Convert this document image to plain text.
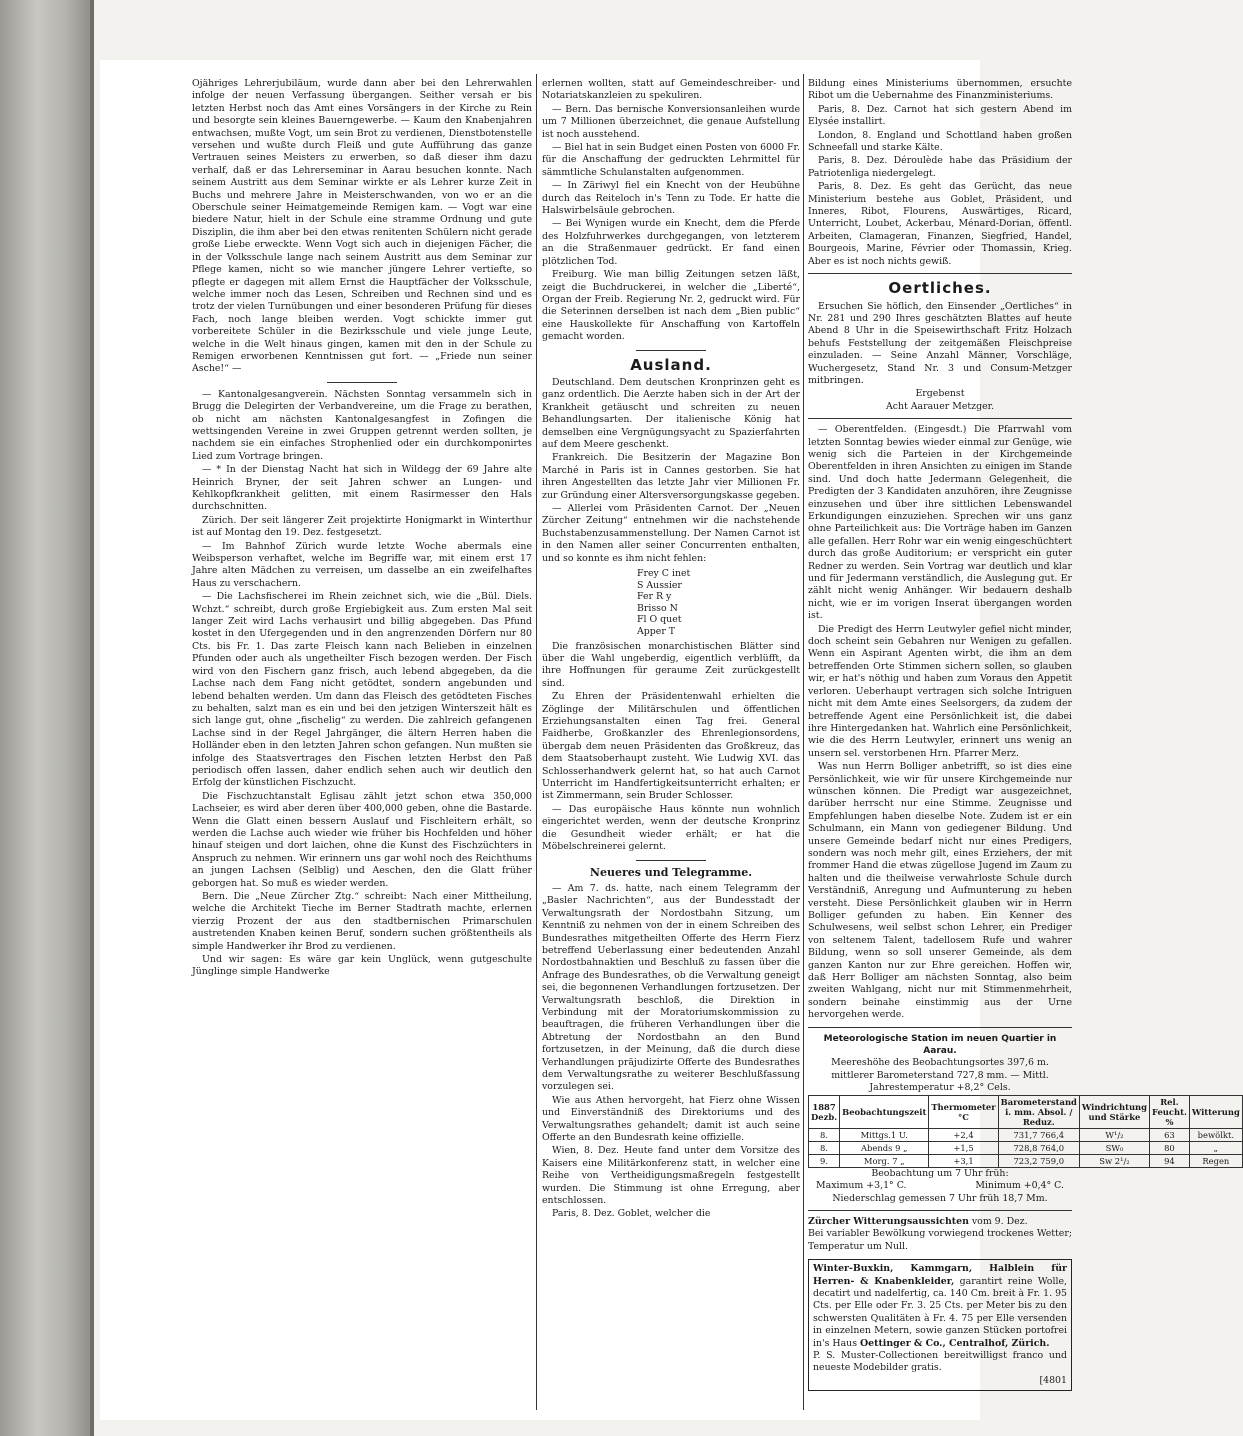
Ojähriges Lehrerjubiläum, wurde dann aber bei den Lehrerwahlen infolge der neuen Verfassung übergangen. Seither versah er bis letzten Herbst noch das Amt eines Vorsängers in der Kirche zu Rein und besorgte sein kleines Bauerngewerbe. — Kaum den Knabenjahren entwachsen, mußte Vogt, um sein Brot zu verdienen, Dienstbotenstelle versehen und wußte durch Fleiß und gute Aufführung das ganze Vertrauen seines Meisters zu erwerben, so daß dieser ihm dazu verhalf, daß er das Lehrerseminar in Aarau besuchen konnte. Nach seinem Austritt aus dem Seminar wirkte er als Lehrer kurze Zeit in Buchs und mehrere Jahre in Meisterschwanden, von wo er an die Oberschule seiner Heimatgemeinde Remigen kam. — Vogt war eine biedere Natur, hielt in der Schule eine stramme Ordnung und gute Disziplin, die ihm aber bei den etwas renitenten Schülern nicht gerade große Liebe erweckte. Wenn Vogt sich auch in diejenigen Fächer, die in der Volksschule lange nach seinem Austritt aus dem Seminar zur Pflege kamen, nicht so wie mancher jüngere Lehrer vertiefte, so pflegte er dagegen mit allem Ernst die Hauptfächer der Volksschule, welche immer noch das Lesen, Schreiben und Rechnen sind und es trotz der vielen Turnübungen und einer besonderen Prüfung für dieses Fach, noch lange bleiben werden. Vogt schickte immer gut vorbereitete Schüler in die Bezirksschule und viele junge Leute, welche in die Welt hinaus gingen, kamen mit den in der Schule zu Remigen erworbenen Kenntnissen gut fort. — „Friede nun seiner Asche!“ —

— Kantonalgesangverein. Nächsten Sonntag versammeln sich in Brugg die Delegirten der Verbandvereine, um die Frage zu berathen, ob nicht am nächsten Kantonalgesangfest in Zofingen die wettsingenden Vereine in zwei Gruppen getrennt werden sollten, je nachdem sie ein einfaches Strophenlied oder ein durchkomponirtes Lied zum Vortrage bringen.

— * In der Dienstag Nacht hat sich in Wildegg der 69 Jahre alte Heinrich Bryner, der seit Jahren schwer an Lungen- und Kehlkopfkrankheit gelitten, mit einem Rasirmesser den Hals durchschnitten.

Zürich. Der seit längerer Zeit projektirte Honigmarkt in Winterthur ist auf Montag den 19. Dez. festgesetzt.

— Im Bahnhof Zürich wurde letzte Woche abermals eine Weibsperson verhaftet, welche im Begriffe war, mit einem erst 17 Jahre alten Mädchen zu verreisen, um dasselbe an ein zweifelhaftes Haus zu verschachern.

— Die Lachsfischerei im Rhein zeichnet sich, wie die „Bül. Diels. Wchzt.“ schreibt, durch große Ergiebigkeit aus. Zum ersten Mal seit langer Zeit wird Lachs verhausirt und billig abgegeben. Das Pfund kostet in den Ufergegenden und in den angrenzenden Dörfern nur 80 Cts. bis Fr. 1. Das zarte Fleisch kann nach Belieben in einzelnen Pfunden oder auch als ungetheilter Fisch bezogen werden. Der Fisch wird von den Fischern ganz frisch, auch lebend abgegeben, da die Lachse nach dem Fang nicht getödtet, sondern angebunden und lebend behalten werden. Um dann das Fleisch des getödteten Fisches zu behalten, salzt man es ein und bei den jetzigen Winterszeit hält es sich lange gut, ohne „fischelig“ zu werden. Die zahlreich gefangenen Lachse sind in der Regel Jahrgänger, die ältern Herren haben die Holländer eben in den letzten Jahren schon gefangen. Nun mußten sie infolge des Staatsvertrages den Fischen letzten Herbst den Paß periodisch offen lassen, daher endlich sehen auch wir deutlich den Erfolg der künstlichen Fischzucht.

Die Fischzuchtanstalt Eglisau zählt jetzt schon etwa 350,000 Lachseier, es wird aber deren über 400,000 geben, ohne die Bastarde. Wenn die Glatt einen bessern Auslauf und Fischleitern erhält, so werden die Lachse auch wieder wie früher bis Hochfelden und höher hinauf steigen und dort laichen, ohne die Kunst des Fischzüchters in Anspruch zu nehmen. Wir erinnern uns gar wohl noch des Reichthums an jungen Lachsen (Selblig) und Aeschen, den die Glatt früher geborgen hat. So muß es wieder werden.

Bern. Die „Neue Zürcher Ztg.“ schreibt: Nach einer Mittheilung, welche die Architekt Tieche im Berner Stadtrath machte, erlernen vierzig Prozent der aus den stadtbernischen Primarschulen austretenden Knaben keinen Beruf, sondern suchen größtentheils als simple Handwerker ihr Brod zu verdienen.

Und wir sagen: Es wäre gar kein Unglück, wenn gutgeschulte Jünglinge simple Handwerke

erlernen wollten, statt auf Gemeindeschreiber- und Notariatskanzleien zu spekuliren.

— Bern. Das bernische Konversionsanleihen wurde um 7 Millionen überzeichnet, die genaue Aufstellung ist noch ausstehend.

— Biel hat in sein Budget einen Posten von 6000 Fr. für die Anschaffung der gedruckten Lehrmittel für sämmtliche Schulanstalten aufgenommen.

— In Zäriwyl fiel ein Knecht von der Heubühne durch das Reiteloch in's Tenn zu Tode. Er hatte die Halswirbelsäule gebrochen.

— Bei Wynigen wurde ein Knecht, dem die Pferde des Holzfuhrwerkes durchgegangen, von letzterem an die Straßenmauer gedrückt. Er fand einen plötzlichen Tod.

Freiburg. Wie man billig Zeitungen setzen läßt, zeigt die Buchdruckerei, in welcher die „Liberté“, Organ der Freib. Regierung Nr. 2, gedruckt wird. Für die Seterinnen derselben ist nach dem „Bien public“ eine Hauskollekte für Anschaffung von Kartoffeln gemacht worden.

Ausland.

Deutschland. Dem deutschen Kronprinzen geht es ganz ordentlich. Die Aerzte haben sich in der Art der Krankheit getäuscht und schreiten zu neuen Behandlungsarten. Der italienische König hat demselben eine Vergnügungsyacht zu Spazierfahrten auf dem Meere geschenkt.

Frankreich. Die Besitzerin der Magazine Bon Marché in Paris ist in Cannes gestorben. Sie hat ihren Angestellten das letzte Jahr vier Millionen Fr. zur Gründung einer Altersversorgungskasse gegeben.

— Allerlei vom Präsidenten Carnot. Der „Neuen Zürcher Zeitung“ entnehmen wir die nachstehende Buchstabenzusammenstellung. Der Namen Carnot ist in den Namen aller seiner Concurrenten enthalten, und so konnte es ihm nicht fehlen:

Frey C inet
S Aussier
Fer R y
Brisso N
Fl O quet
Apper T

Die französischen monarchistischen Blätter sind über die Wahl ungeberdig, eigentlich verblüfft, da ihre Hoffnungen für geraume Zeit zurückgestellt sind.

Zu Ehren der Präsidentenwahl erhielten die Zöglinge der Militärschulen und öffentlichen Erziehungsanstalten einen Tag frei. General Faidherbe, Großkanzler des Ehrenlegionsordens, übergab dem neuen Präsidenten das Großkreuz, das dem Staatsoberhaupt zusteht. Wie Ludwig XVI. das Schlosserhandwerk gelernt hat, so hat auch Carnot Unterricht im Handfertigkeitsunterricht erhalten; er ist Zimmermann, sein Bruder Schlosser.

— Das europäische Haus könnte nun wohnlich eingerichtet werden, wenn der deutsche Kronprinz die Gesundheit wieder erhält; er hat die Möbelschreinerei gelernt.

Neueres und Telegramme.

— Am 7. ds. hatte, nach einem Telegramm der „Basler Nachrichten“, aus der Bundesstadt der Verwaltungsrath der Nordostbahn Sitzung, um Kenntniß zu nehmen von der in einem Schreiben des Bundesrathes mitgetheilten Offerte des Herrn Fierz betreffend Ueberlassung einer bedeutenden Anzahl Nordostbahnaktien und Beschluß zu fassen über die Anfrage des Bundesrathes, ob die Verwaltung geneigt sei, die begonnenen Verhandlungen fortzusetzen. Der Verwaltungsrath beschloß, die Direktion in Verbindung mit der Moratoriumskommission zu beauftragen, die früheren Verhandlungen über die Abtretung der Nordostbahn an den Bund fortzusetzen, in der Meinung, daß die durch diese Verhandlungen präjudizirte Offerte des Bundesrathes dem Verwaltungsrathe zu weiterer Beschlußfassung vorzulegen sei.

Wie aus Athen hervorgeht, hat Fierz ohne Wissen und Einverständniß des Direktoriums und des Verwaltungsrathes gehandelt; damit ist auch seine Offerte an den Bundesrath keine offizielle.

Wien, 8. Dez. Heute fand unter dem Vorsitze des Kaisers eine Militärkonferenz statt, in welcher eine Reihe von Vertheidigungsmaßregeln festgestellt wurden. Die Stimmung ist ohne Erregung, aber entschlossen.

Paris, 8. Dez. Goblet, welcher die

Bildung eines Ministeriums übernommen, ersuchte Ribot um die Uebernahme des Finanzministeriums.

Paris, 8. Dez. Carnot hat sich gestern Abend im Elysée installirt.

London, 8. England und Schottland haben großen Schneefall und starke Kälte.

Paris, 8. Dez. Déroulède habe das Präsidium der Patriotenliga niedergelegt.

Paris, 8. Dez. Es geht das Gerücht, das neue Ministerium bestehe aus Goblet, Präsident, und Inneres, Ribot, Flourens, Auswärtiges, Ricard, Unterricht, Loubet, Ackerbau, Ménard-Dorian, öffentl. Arbeiten, Clamageran, Finanzen, Siegfried, Handel, Bourgeois, Marine, Février oder Thomassin, Krieg. Aber es ist noch nichts gewiß.

Oertliches.

Ersuchen Sie höflich, den Einsender „Oertliches“ in Nr. 281 und 290 Ihres geschätzten Blattes auf heute Abend 8 Uhr in die Speisewirthschaft Fritz Holzach behufs Feststellung der zeitgemäßen Fleischpreise einzuladen. — Seine Anzahl Männer, Vorschläge, Wuchergesetz, Stand Nr. 3 und Consum-Metzger mitbringen.

Ergebenst
Acht Aarauer Metzger.

— Oberentfelden. (Eingesdt.) Die Pfarrwahl vom letzten Sonntag bewies wieder einmal zur Genüge, wie wenig sich die Parteien in der Kirchgemeinde Oberentfelden in ihren Ansichten zu einigen im Stande sind. Und doch hatte Jedermann Gelegenheit, die Predigten der 3 Kandidaten anzuhören, ihre Zeugnisse einzusehen und über ihre sittlichen Lebenswandel Erkundigungen einzuziehen. Sprechen wir uns ganz ohne Parteilichkeit aus: Die Vorträge haben im Ganzen alle gefallen. Herr Rohr war ein wenig eingeschüchtert durch das große Auditorium; er verspricht ein guter Redner zu werden. Sein Vortrag war deutlich und klar und für Jedermann verständlich, die Auslegung gut. Er zählt nicht wenig Anhänger. Wir bedauern deshalb nicht, wie er im vorigen Inserat übergangen worden ist.

Die Predigt des Herrn Leutwyler gefiel nicht minder, doch scheint sein Gebahren nur Wenigen zu gefallen. Wenn ein Aspirant Agenten wirbt, die ihm an dem betreffenden Orte Stimmen sichern sollen, so glauben wir, er hat's nöthig und haben zum Voraus den Appetit verloren. Ueberhaupt vertragen sich solche Intriguen nicht mit dem Amte eines Seelsorgers, da zudem der betreffende Agent eine Persönlichkeit ist, die dabei ihre Hintergedanken hat. Wahrlich eine Persönlichkeit, wie die des Herrn Leutwyler, erinnert uns wenig an unsern sel. verstorbenen Hrn. Pfarrer Merz.

Was nun Herrn Bolliger anbetrifft, so ist dies eine Persönlichkeit, wie wir für unsere Kirchgemeinde nur wünschen können. Die Predigt war ausgezeichnet, darüber herrscht nur eine Stimme. Zeugnisse und Empfehlungen haben dieselbe Note. Zudem ist er ein Schulmann, ein Mann von gediegener Bildung. Und unsere Gemeinde bedarf nicht nur eines Predigers, sondern was noch mehr gilt, eines Erziehers, der mit frommer Hand die etwas zügellose Jugend im Zaum zu halten und die theilweise verwahrloste Schule durch Verständniß, Anregung und Aufmunterung zu heben versteht. Diese Persönlichkeit glauben wir in Herrn Bolliger gefunden zu haben. Ein Kenner des Schulwesens, weil selbst schon Lehrer, ein Prediger von seltenem Talent, tadellosem Rufe und wahrer Bildung, wenn so soll unserer Gemeinde, als dem ganzen Kanton nur zur Ehre gereichen. Hoffen wir, daß Herr Bolliger am nächsten Sonntag, also beim zweiten Wahlgang, nicht nur mit Stimmenmehrheit, sondern beinahe einstimmig aus der Urne hervorgehen werde.

Meteorologische Station im neuen Quartier in Aarau.
Meereshöhe des Beobachtungsortes 397,6 m.
mittlerer Barometerstand 727,8 mm. — Mittl. Jahrestemperatur +8,2° Cels.
1887 Dezb.	Beobachtungszeit	Thermometer °C	Barometerstand i. mm. Absol. / Reduz.	Windrichtung und Stärke	Rel. Feucht. %	Witterung
8.	Mittgs.1 U.	+2,4	731,7 766,4	W¹/₂	63	bewölkt.
8.	Abends 9 „	+1,5	728,8 764,0	SW₀	80	„
9.	Morg. 7 „	+3,1	723,2 759,0	Sw 2¹/₂	94	Regen
Beobachtung um 7 Uhr früh:
Maximum +3,1° C.	Minimum +0,4° C.
Niederschlag gemessen 7 Uhr früh 18,7 Mm.
Zürcher Witterungsaussichten vom 9. Dez.
Bei variabler Bewölkung vorwiegend trockenes Wetter; Temperatur um Null.
Winter-Buxkin, Kammgarn, Halblein für Herren- & Knabenkleider, garantirt reine Wolle, decatirt und nadelfertig, ca. 140 Cm. breit à Fr. 1. 95 Cts. per Elle oder Fr. 3. 25 Cts. per Meter bis zu den schwersten Qualitäten à Fr. 4. 75 per Elle versenden in einzelnen Metern, sowie ganzen Stücken portofrei in's Haus Oettinger & Co., Centralhof, Zürich.
P. S. Muster-Collectionen bereitwilligst franco und neueste Modebilder gratis.
[4801
